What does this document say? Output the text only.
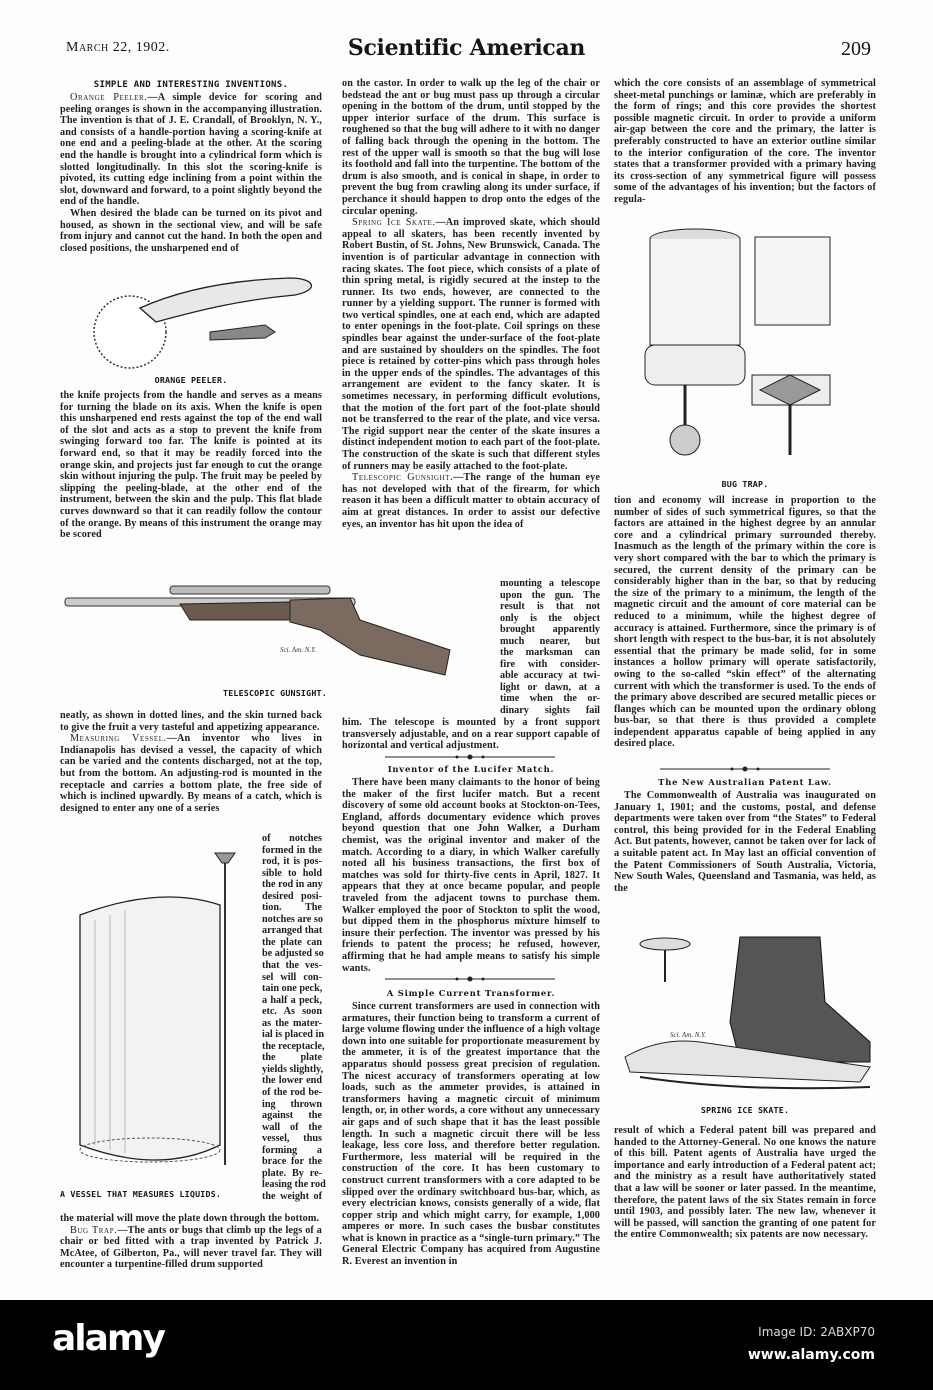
March 22, 1902.	Scientific American	209
SIMPLE AND INTERESTING INVENTIONS.

Orange Peeler.—A simple device for scoring and peeling oranges is shown in the accompanying illustration. The invention is that of J. E. Crandall, of Brooklyn, N. Y., and consists of a handle-portion having a scoring-knife at one end and a peeling-blade at the other. At the scoring end the handle is brought into a cylindrical form which is slotted longitudinally. In this slot the scoring-knife is pivoted, its cutting edge inclining from a point within the slot, downward and forward, to a point slightly beyond the end of the handle.

When desired the blade can be turned on its pivot and housed, as shown in the sectional view, and will be safe from injury and cannot cut the hand. In both the open and closed positions, the unsharpened end of

ORANGE PEELER.

the knife projects from the handle and serves as a means for turning the blade on its axis. When the knife is open this unsharpened end rests against the top of the end wall of the slot and acts as a stop to prevent the knife from swinging forward too far. The knife is pointed at its forward end, so that it may be readily forced into the orange skin, and projects just far enough to cut the orange skin without injuring the pulp. The fruit may be peeled by slipping the peeling-blade, at the other end of the instrument, between the skin and the pulp. This flat blade curves downward so that it can readily follow the contour of the orange. By means of this instrument the orange may be scored

Sci. Am. N.Y.
TELESCOPIC GUNSIGHT.

neatly, as shown in dotted lines, and the skin turned back to give the fruit a very tasteful and appetizing appearance.

Measuring Vessel.—An inventor who lives in Indianapolis has devised a vessel, the capacity of which can be varied and the contents discharged, not at the top, but from the bottom. An adjusting-rod is mounted in the receptacle and carries a bottom plate, the free side of which is inclined upwardly. By means of a catch, which is designed to enter any one of a series

of notches
formed in the
rod, it is pos-
sible to hold
the rod in any
desired posi-
tion. The
notches are so
arranged that
the plate can
be adjusted so
that the ves-
sel will con-
tain one peck,
a half a peck,
etc. As soon
as the mater-
ial is placed in
the receptacle,
the plate
yields slightly,
the lower end
of the rod be-
ing thrown
against the
wall of the
vessel, thus
forming a
brace for the
plate. By re-
leasing the rod
the weight of
A VESSEL THAT MEASURES LIQUIDS.

the material will move the plate down through the bottom.

Bug Trap.—The ants or bugs that climb up the legs of a chair or bed fitted with a trap invented by Patrick J. McAtee, of Gilberton, Pa., will never travel far. They will encounter a turpentine-filled drum supported

on the castor. In order to walk up the leg of the chair or bedstead the ant or bug must pass up through a circular opening in the bottom of the drum, until stopped by the upper interior surface of the drum. This surface is roughened so that the bug will adhere to it with no danger of falling back through the opening in the bottom. The rest of the upper wall is smooth so that the bug will lose its foothold and fall into the turpentine. The bottom of the drum is also smooth, and is conical in shape, in order to prevent the bug from crawling along its under surface, if perchance it should happen to drop onto the edges of the circular opening.

Spring Ice Skate.—An improved skate, which should appeal to all skaters, has been recently invented by Robert Bustin, of St. Johns, New Brunswick, Canada. The invention is of particular advantage in connection with racing skates. The foot piece, which consists of a plate of thin spring metal, is rigidly secured at the instep to the runner. Its two ends, however, are connected to the runner by a yielding support. The runner is formed with two vertical spindles, one at each end, which are adapted to enter openings in the foot-plate. Coil springs on these spindles bear against the under-surface of the foot-plate and are sustained by shoulders on the spindles. The foot piece is retained by cotter-pins which pass through holes in the upper ends of the spindles. The advantages of this arrangement are evident to the fancy skater. It is sometimes necessary, in performing difficult evolutions, that the motion of the fort part of the foot-plate should not be transferred to the rear of the plate, and vice versa. The rigid support near the center of the skate insures a distinct independent motion to each part of the foot-plate. The construction of the skate is such that different styles of runners may be easily attached to the foot-plate.

Telescopic Gunsight.—The range of the human eye has not developed with that of the firearm, for which reason it has been a difficult matter to obtain accuracy of aim at great distances. In order to assist our defective eyes, an inventor has hit upon the idea of

mounting a telescope
upon the gun. The
result is that not
only is the object
brought apparently
much nearer, but
the marksman can
fire with consider-
able accuracy at twi-
light or dawn, at a
time when the or-
dinary sights fail

him. The telescope is mounted by a front support transversely adjustable, and on a rear support capable of horizontal and vertical adjustment.

Inventor of the Lucifer Match.

There have been many claimants to the honor of being the maker of the first lucifer match. But a recent discovery of some old account books at Stockton-on-Tees, England, affords documentary evidence which proves beyond question that one John Walker, a Durham chemist, was the original inventor and maker of the match. According to a diary, in which Walker carefully noted all his business transactions, the first box of matches was sold for thirty-five cents in April, 1827. It appears that they at once became popular, and people traveled from the adjacent towns to purchase them. Walker employed the poor of Stockton to split the wood, but dipped them in the phosphorus mixture himself to insure their perfection. The inventor was pressed by his friends to patent the process; he refused, however, affirming that he had ample means to satisfy his simple wants.

A Simple Current Transformer.

Since current transformers are used in connection with armatures, their function being to transform a current of large volume flowing under the influence of a high voltage down into one suitable for proportionate measurement by the ammeter, it is of the greatest importance that the apparatus should possess great precision of regulation. The nicest accuracy of transformers operating at low loads, such as the ammeter provides, is attained in transformers having a magnetic circuit of minimum length, or, in other words, a core without any unnecessary air gaps and of such shape that it has the least possible length. In such a magnetic circuit there will be less leakage, less core loss, and therefore better regulation. Furthermore, less material will be required in the construction of the core. It has been customary to construct current transformers with a core adapted to be slipped over the ordinary switchboard bus-bar, which, as every electrician knows, consists generally of a wide, flat copper strip and which might carry, for example, 1,000 amperes or more. In such cases the busbar constitutes what is known in practice as a “single-turn primary.” The General Electric Company has acquired from Augustine R. Everest an invention in

which the core consists of an assemblage of symmetrical sheet-metal punchings or laminæ, which are preferably in the form of rings; and this core provides the shortest possible magnetic circuit. In order to provide a uniform air-gap between the core and the primary, the latter is preferably constructed to have an exterior outline similar to the interior configuration of the core. The inventor states that a transformer provided with a primary having its cross-section of any symmetrical figure will possess some of the advantages of his invention; but the factors of regula-

BUG TRAP.

tion and economy will increase in proportion to the number of sides of such symmetrical figures, so that the factors are attained in the highest degree by an annular core and a cylindrical primary surrounded thereby. Inasmuch as the length of the primary within the core is very short compared with the bar to which the primary is secured, the current density of the primary can be considerably higher than in the bar, so that by reducing the size of the primary to a minimum, the length of the magnetic circuit and the amount of core material can be reduced to a minimum, while the highest degree of accuracy is attained. Furthermore, since the primary is of short length with respect to the bus-bar, it is not absolutely essential that the primary be made solid, for in some instances a hollow primary will operate satisfactorily, owing to the so-called “skin effect” of the alternating current with which the transformer is used. To the ends of the primary above described are secured metallic pieces or flanges which can be mounted upon the ordinary oblong bus-bar, so that there is thus provided a complete independent apparatus capable of being applied in any desired place.

The New Australian Patent Law.

The Commonwealth of Australia was inaugurated on January 1, 1901; and the customs, postal, and defense departments were taken over from “the States” to Federal control, this being provided for in the Federal Enabling Act. But patents, however, cannot be taken over for lack of a suitable patent act. In May last an official convention of the Patent Commissioners of South Australia, Victoria, New South Wales, Queensland and Tasmania, was held, as the

Sci. Am. N.Y.
SPRING ICE SKATE.

result of which a Federal patent bill was prepared and handed to the Attorney-General. No one knows the nature of this bill. Patent agents of Australia have urged the importance and early introduction of a Federal patent act; and the ministry as a result have authoritatively stated that a law will be sooner or later passed. In the meantime, therefore, the patent laws of the six States remain in force until 1903, and possibly later. The new law, whenever it will be passed, will sanction the granting of one patent for the entire Commonwealth; six patents are now necessary.

alamy	Image ID: 2ABXP70
www.alamy.com
